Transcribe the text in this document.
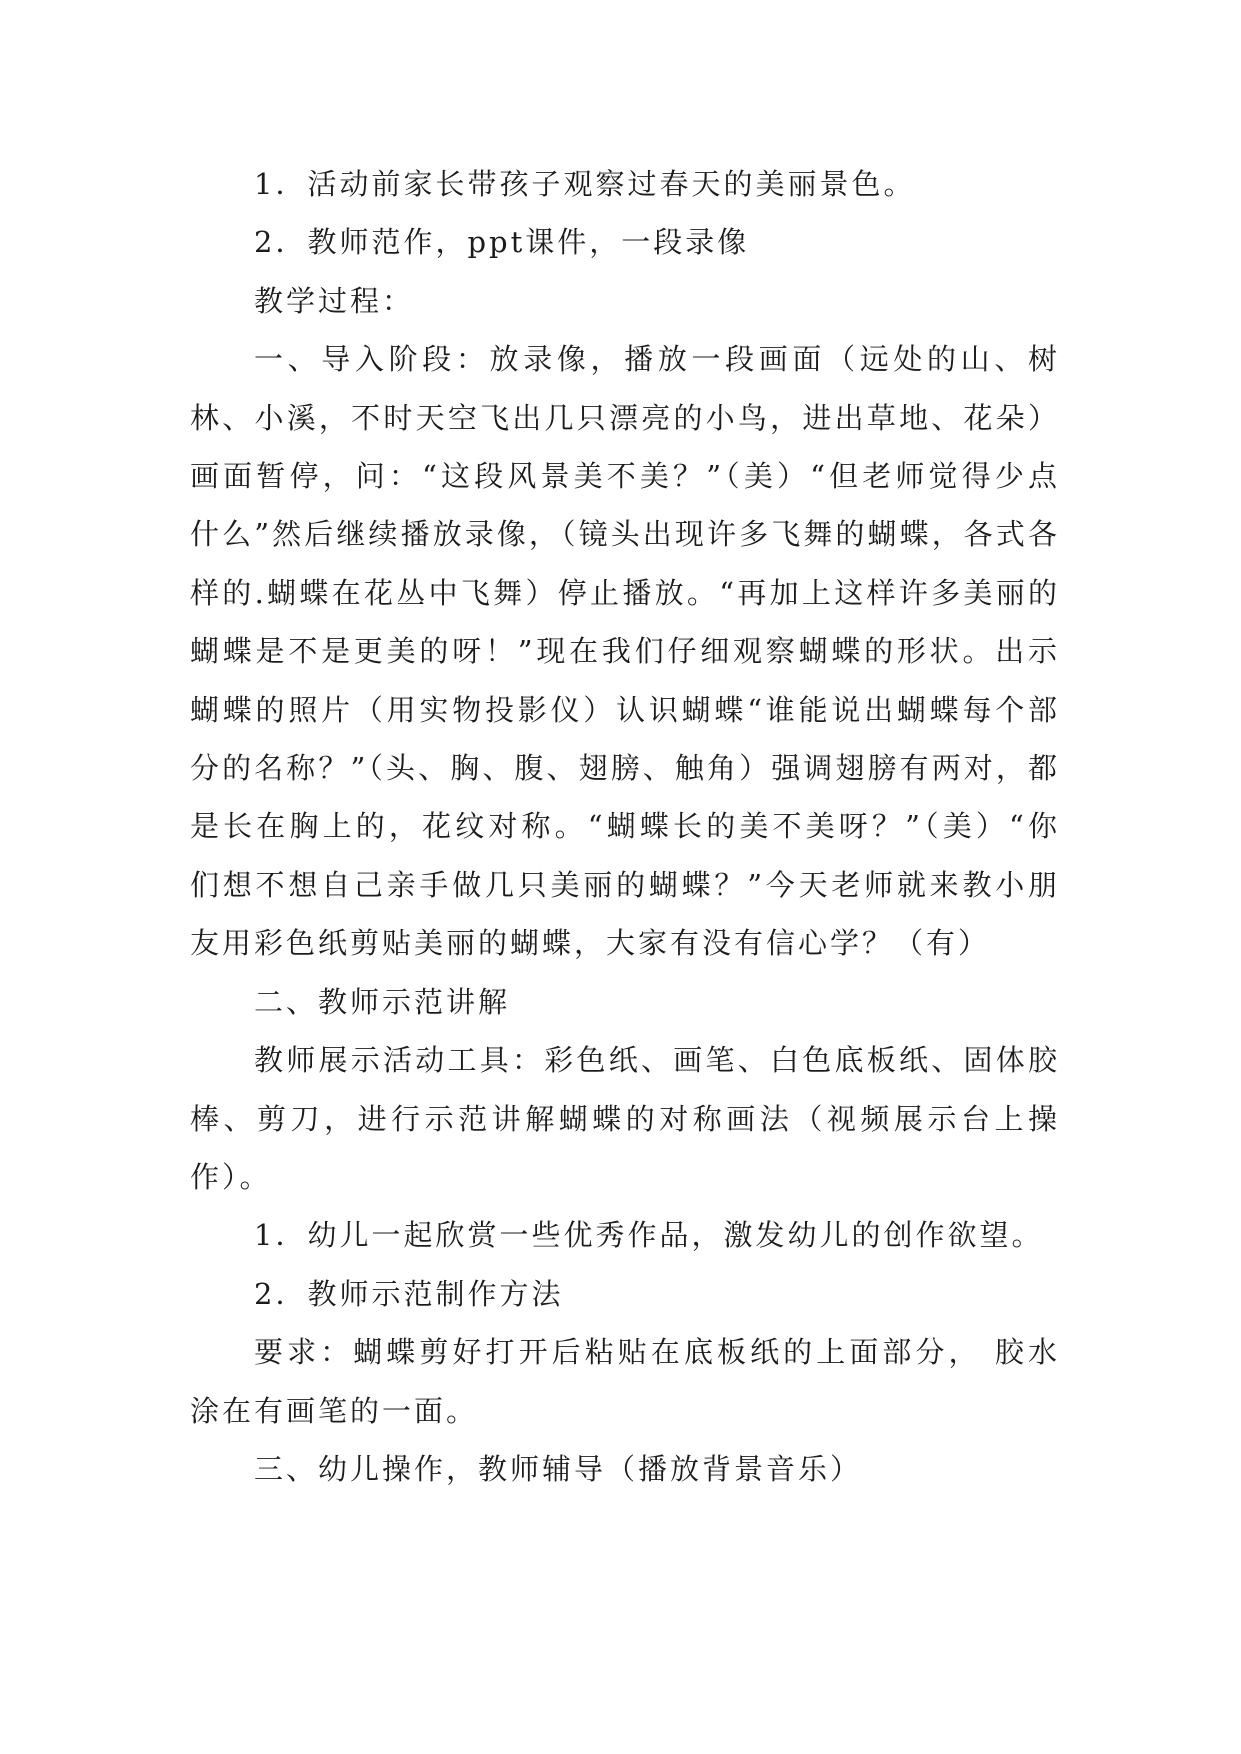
1．活动前家长带孩子观察过春天的美丽景色。

2．教师范作，ppt课件，一段录像

教学过程：

一、导入阶段：放录像，播放一段画面（远处的山、树林、小溪，不时天空飞出几只漂亮的小鸟，进出草地、花朵）画面暂停，问：“这段风景美不美？”（美）“但老师觉得少点什么”然后继续播放录像，（镜头出现许多飞舞的蝴蝶，各式各样的.蝴蝶在花丛中飞舞）停止播放。“再加上这样许多美丽的蝴蝶是不是更美的呀！”现在我们仔细观察蝴蝶的形状。出示蝴蝶的照片（用实物投影仪）认识蝴蝶“谁能说出蝴蝶每个部分的名称？”（头、胸、腹、翅膀、触角）强调翅膀有两对，都是长在胸上的，花纹对称。“蝴蝶长的美不美呀？”（美）“你们想不想自己亲手做几只美丽的蝴蝶？”今天老师就来教小朋友用彩色纸剪贴美丽的蝴蝶，大家有没有信心学？（有）

二、教师示范讲解

教师展示活动工具：彩色纸、画笔、白色底板纸、固体胶棒、剪刀，进行示范讲解蝴蝶的对称画法（视频展示台上操作）。

1．幼儿一起欣赏一些优秀作品，激发幼儿的创作欲望。

2．教师示范制作方法

要求：蝴蝶剪好打开后粘贴在底板纸的上面部分， 胶水涂在有画笔的一面。

三、幼儿操作，教师辅导（播放背景音乐）
